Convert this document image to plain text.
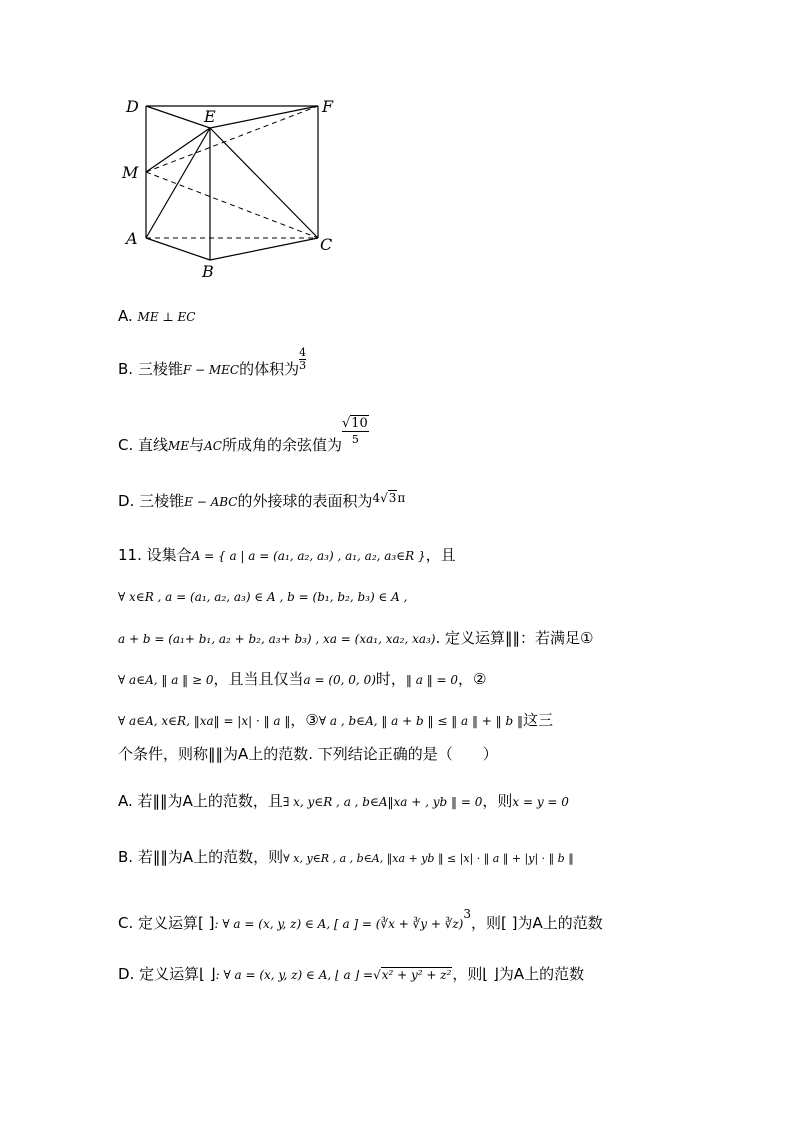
D
E
F
M
A
B
C
A. ME ⊥ EC
B. 三棱锥F − MEC的体积为 $\frac{4}{3}$
C. 直线ME与AC所成角的余弦值为 $\frac{√10}{5}$
D. 三棱锥E − ABC的外接球的表面积为$^{4√3\pi}$
11. 设集合A = { a | a = (a₁, a₂, a₃) , a₁, a₂, a₃∈R }，且
∀ x∈R , a = (a₁, a₂, a₃) ∈ A , b = (b₁, b₂, b₃) ∈ A ,
a + b = (a₁+ b₁, a₂ + b₂, a₃+ b₃) , xa = (xa₁, xa₂, xa₃). 定义运算‖‖：若满足①
∀ a∈A, ‖ a ‖ ≥ 0，且当且仅当a = (0, 0, 0)时，‖ a ‖ = 0，②
∀ a∈A, x∈R, ‖xa‖ = |x| · ‖ a ‖，③∀ a , b∈A, ‖ a + b ‖ ≤ ‖ a ‖ + ‖ b ‖这三
个条件，则称‖‖为A上的范数. 下列结论正确的是（　　）
A. 若‖‖为A上的范数，且∃ x, y∈R , a , b∈A‖xa + , yb ‖ = 0，则x = y = 0
B. 若‖‖为A上的范数，则∀ x, y∈R , a , b∈A, ‖xa + yb ‖ ≤ |x| · ‖ a ‖ + |y| · ‖ b ‖
C. 定义运算[ ]: ∀ a = (x, y, z) ∈ A, [ a ] = (∛x + ∛y + ∛z)$^3$，则[ ]为A上的范数
D. 定义运算⌊ ⌋: ∀ a = (x, y, z) ∈ A, ⌊ a ⌋ =√x² + y² + z²，则⌊ ⌋为A上的范数
